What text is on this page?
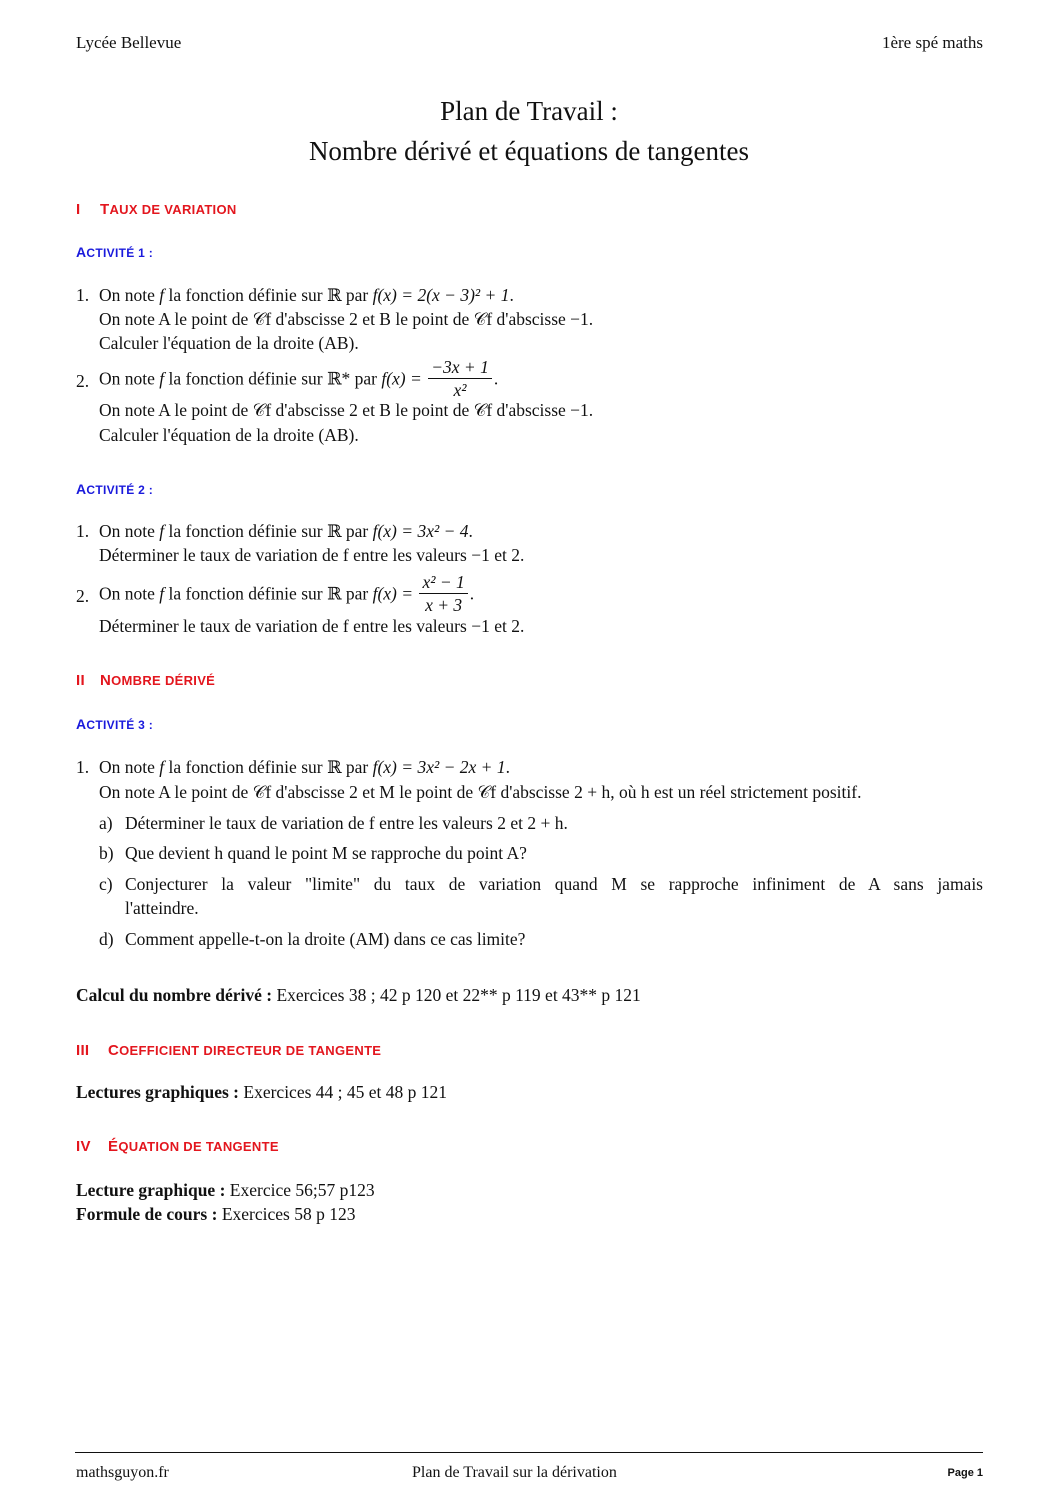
Lycée Bellevue	1ère spé maths
Plan de Travail :
Nombre dérivé et équations de tangentes
I TAUX DE VARIATION
ACTIVITÉ 1 :
1. On note f la fonction définie sur ℝ par f(x) = 2(x − 3)² + 1.
On note A le point de 𝒞f d'abscisse 2 et B le point de 𝒞f d'abscisse −1.
Calculer l'équation de la droite (AB).
2. On note f la fonction définie sur ℝ* par $f(x) = \frac{-3x + 1}{\text{x²}}$ .
On note A le point de 𝒞f d'abscisse 2 et B le point de 𝒞f d'abscisse −1.
Calculer l'équation de la droite (AB).
ACTIVITÉ 2 :
1. On note f la fonction définie sur ℝ par f(x) = 3x² − 4.
Déterminer le taux de variation de f entre les valeurs −1 et 2.
2. On note f la fonction définie sur ℝ par $f(x) = \frac{\text{x² − 1}}{x + 3}$ .
Déterminer le taux de variation de f entre les valeurs −1 et 2.
II NOMBRE DÉRIVÉ
ACTIVITÉ 3 :
1. On note f la fonction définie sur ℝ par f(x) = 3x² − 2x + 1.
On note A le point de 𝒞f d'abscisse 2 et M le point de 𝒞f d'abscisse 2 + h, où h est un réel strictement positif.
a) Déterminer le taux de variation de f entre les valeurs 2 et 2 + h.
b) Que devient h quand le point M se rapproche du point A?
c) Conjecturer la valeur "limite" du taux de variation quand M se rapproche infiniment de A sans jamais
l'atteindre.
d) Comment appelle-t-on la droite (AM) dans ce cas limite?
Calcul du nombre dérivé : Exercices 38 ; 42 p 120 et 22** p 119 et 43** p 121
III COEFFICIENT DIRECTEUR DE TANGENTE
Lectures graphiques : Exercices 44 ; 45 et 48 p 121
IV ÉQUATION DE TANGENTE
Lecture graphique : Exercice 56;57 p123
Formule de cours : Exercices 58 p 123
mathsguyon.fr	Plan de Travail sur la dérivation	Page 1
